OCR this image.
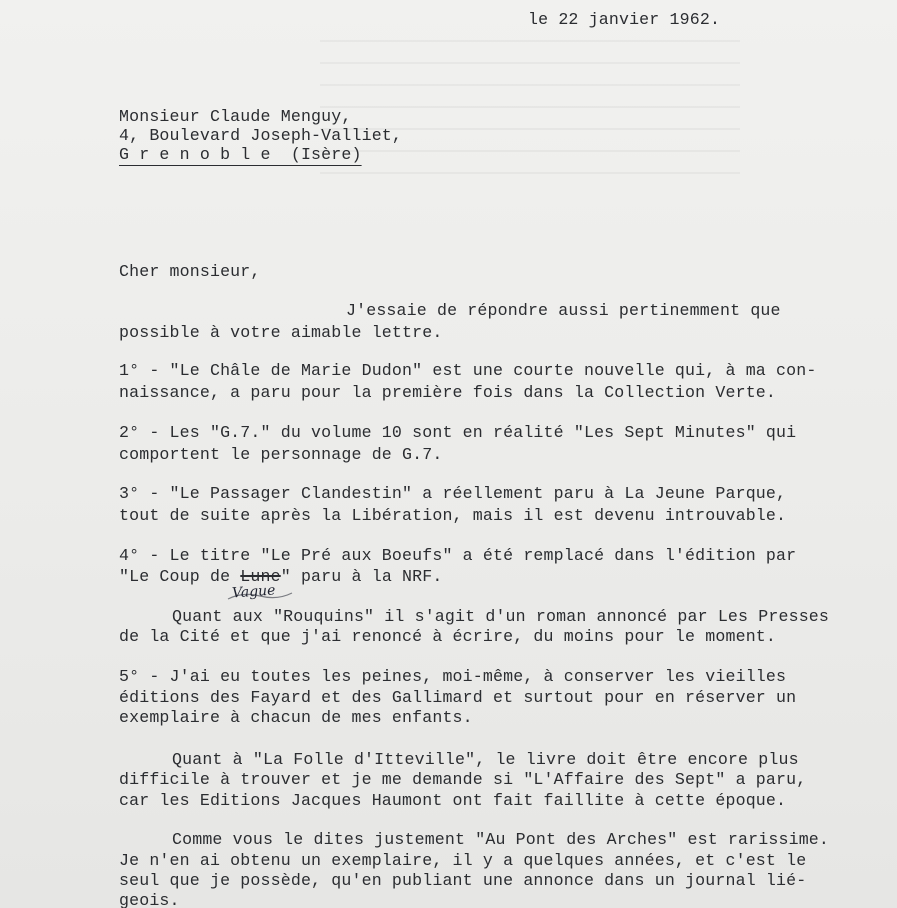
le 22 janvier 1962.
Monsieur Claude Menguy,
4, Boulevard Joseph-Valliet,
G r e n o b l e  (Isère)
Cher monsieur,
J'essaie de répondre aussi pertinemment que
possible à votre aimable lettre.
1° - "Le Châle de Marie Dudon" est une courte nouvelle qui, à ma con-
naissance, a paru pour la première fois dans la Collection Verte.
2° - Les "G.7." du volume 10 sont en réalité "Les Sept Minutes" qui
comportent le personnage de G.7.
3° - "Le Passager Clandestin" a réellement paru à La Jeune Parque,
tout de suite après la Libération, mais il est devenu introuvable.
4° - Le titre "Le Pré aux Boeufs" a été remplacé dans l'édition par
"Le Coup de Lune" paru à la NRF.
Vague
Quant aux "Rouquins" il s'agit d'un roman annoncé par Les Presses
de la Cité et que j'ai renoncé à écrire, du moins pour le moment.
5° - J'ai eu toutes les peines, moi-même, à conserver les vieilles
éditions des Fayard et des Gallimard et surtout pour en réserver un
exemplaire à chacun de mes enfants.
Quant à "La Folle d'Itteville", le livre doit être encore plus
difficile à trouver et je me demande si "L'Affaire des Sept" a paru,
car les Editions Jacques Haumont ont fait faillite à cette époque.
Comme vous le dites justement "Au Pont des Arches" est rarissime.
Je n'en ai obtenu un exemplaire, il y a quelques années, et c'est le
seul que je possède, qu'en publiant une annonce dans un journal lié-
geois.
